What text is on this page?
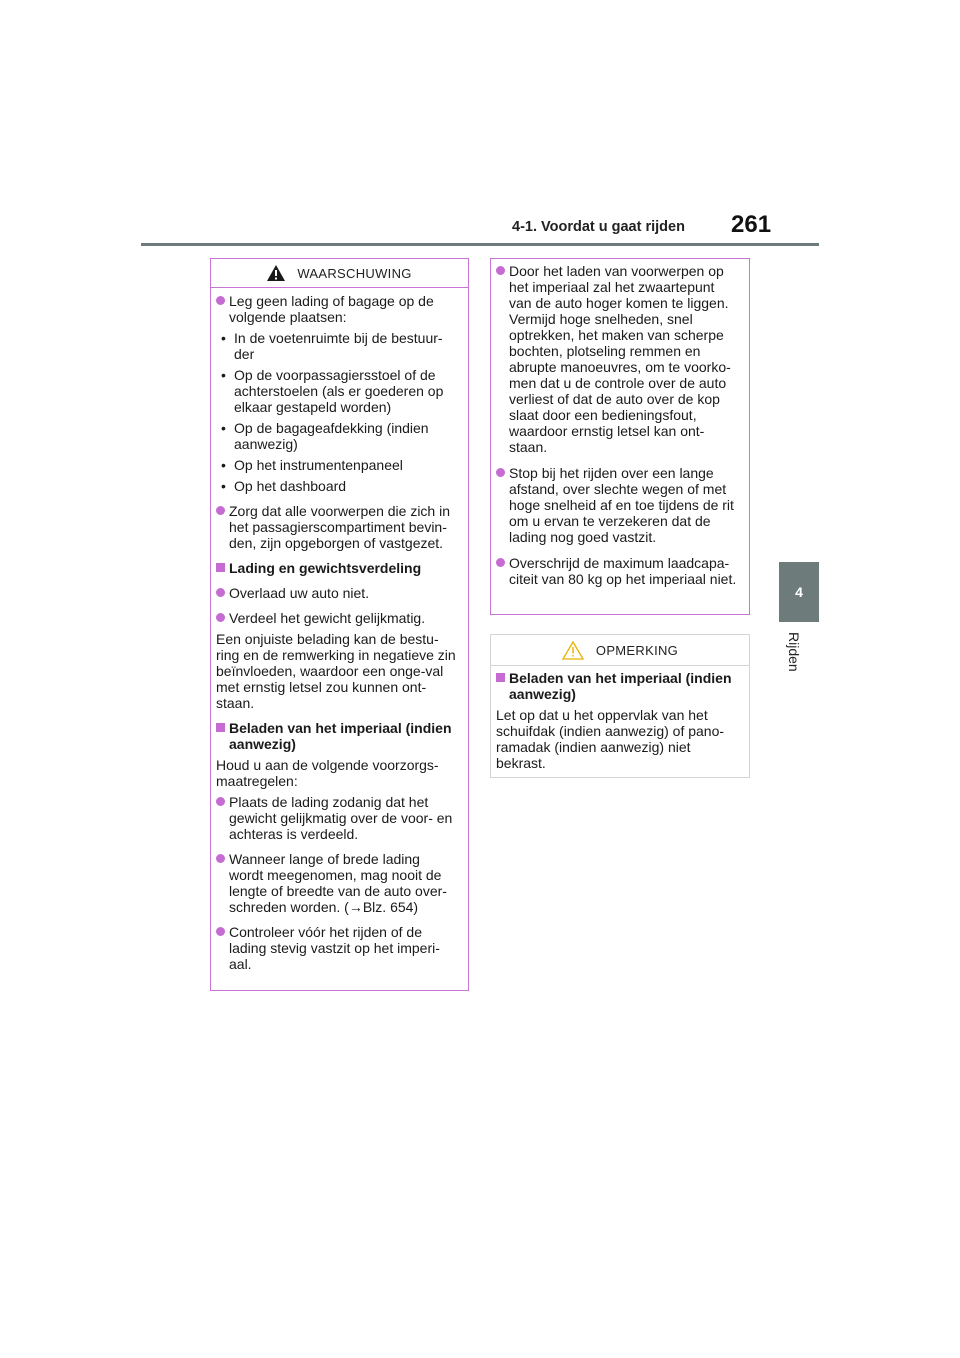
4-1. Voordat u gaat rijden	261
4
Rijden
WAARSCHUWING
Leg geen lading of bagage op de volgende plaatsen:
• In de voetenruimte bij de bestuur-der
• Op de voorpassagiersstoel of de achterstoelen (als er goederen op elkaar gestapeld worden)
• Op de bagageafdekking (indien aanwezig)
• Op het instrumentenpaneel
• Op het dashboard
Zorg dat alle voorwerpen die zich in het passagierscompartiment bevin-den, zijn opgeborgen of vastgezet.
Lading en gewichtsverdeling
Overlaad uw auto niet.
Verdeel het gewicht gelijkmatig.
Een onjuiste belading kan de bestu-ring en de remwerking in negatieve zin beïnvloeden, waardoor een onge-val met ernstig letsel zou kunnen ont-staan.
Beladen van het imperiaal (indien aanwezig)
Houd u aan de volgende voorzorgs-maatregelen:
Plaats de lading zodanig dat het gewicht gelijkmatig over de voor- en achteras is verdeeld.
Wanneer lange of brede lading wordt meegenomen, mag nooit de lengte of breedte van de auto over-schreden worden. (→Blz. 654)
Controleer vóór het rijden of de lading stevig vastzit op het imperi-aal.
Door het laden van voorwerpen op het imperiaal zal het zwaartepunt van de auto hoger komen te liggen. Vermijd hoge snelheden, snel optrekken, het maken van scherpe bochten, plotseling remmen en abrupte manoeuvres, om te voorko-men dat u de controle over de auto verliest of dat de auto over de kop slaat door een bedieningsfout, waardoor ernstig letsel kan ont-staan.
Stop bij het rijden over een lange afstand, over slechte wegen of met hoge snelheid af en toe tijdens de rit om u ervan te verzekeren dat de lading nog goed vastzit.
Overschrijd de maximum laadcapa-citeit van 80 kg op het imperiaal niet.
OPMERKING
Beladen van het imperiaal (indien aanwezig)
Let op dat u het oppervlak van het schuifdak (indien aanwezig) of pano-ramadak (indien aanwezig) niet bekrast.
